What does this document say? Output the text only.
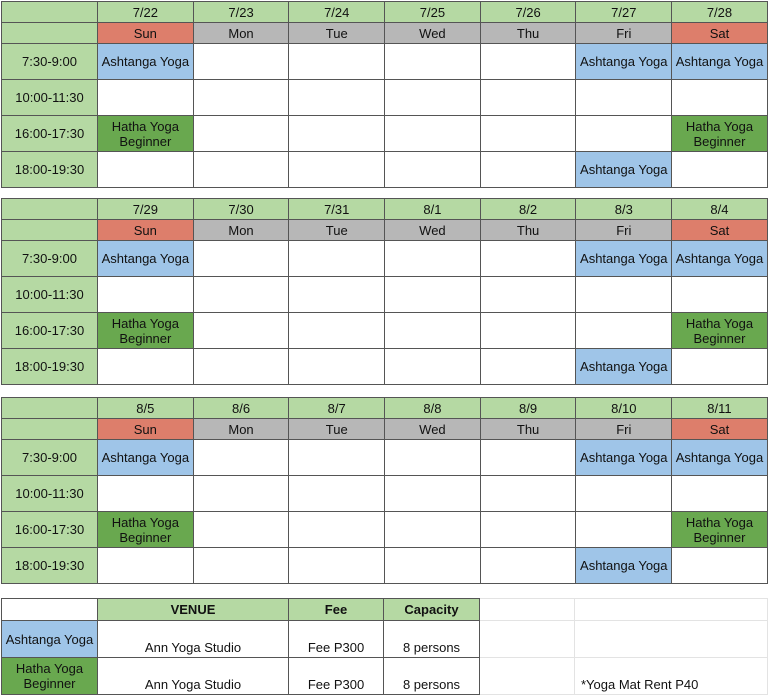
	7/22	7/23	7/24	7/25	7/26	7/27	7/28
	Sun	Mon	Tue	Wed	Thu	Fri	Sat
7:30-9:00	Ashtanga Yoga					Ashtanga Yoga	Ashtanga Yoga
10:00-11:30							
16:00-17:30	Hatha Yoga Beginner						Hatha Yoga Beginner
18:00-19:30						Ashtanga Yoga	
	7/29	7/30	7/31	8/1	8/2	8/3	8/4
	Sun	Mon	Tue	Wed	Thu	Fri	Sat
7:30-9:00	Ashtanga Yoga					Ashtanga Yoga	Ashtanga Yoga
10:00-11:30							
16:00-17:30	Hatha Yoga Beginner						Hatha Yoga Beginner
18:00-19:30						Ashtanga Yoga	
	8/5	8/6	8/7	8/8	8/9	8/10	8/11
	Sun	Mon	Tue	Wed	Thu	Fri	Sat
7:30-9:00	Ashtanga Yoga					Ashtanga Yoga	Ashtanga Yoga
10:00-11:30							
16:00-17:30	Hatha Yoga Beginner						Hatha Yoga Beginner
18:00-19:30						Ashtanga Yoga	
	VENUE	Fee	Capacity		
Ashtanga Yoga	Ann Yoga Studio	Fee P300	8 persons		
Hatha Yoga Beginner	Ann Yoga Studio	Fee P300	8 persons		*Yoga Mat Rent P40
